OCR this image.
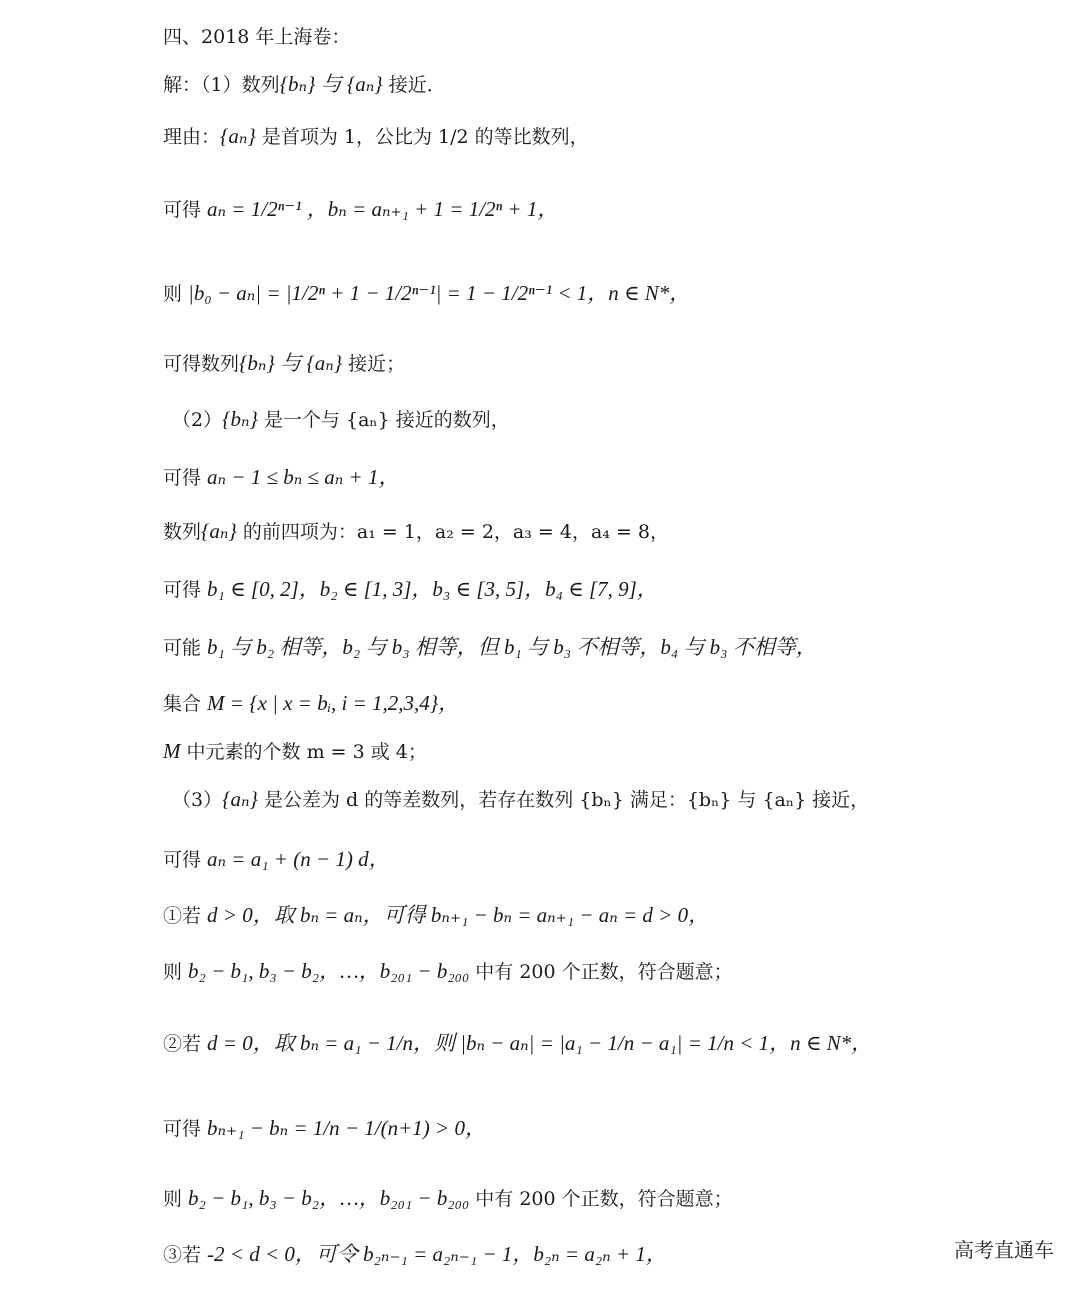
四、2018 年上海卷：
解：（1）数列{bₙ} 与 {aₙ} 接近．
理由：{aₙ} 是首项为 1，公比为 1/2 的等比数列，
可得 aₙ = 1/2ⁿ⁻¹ ，bₙ = aₙ₊₁ + 1 = 1/2ⁿ + 1，
则 |b₀ − aₙ| = |1/2ⁿ + 1 − 1/2ⁿ⁻¹| = 1 − 1/2ⁿ⁻¹ < 1，n ∈ N*，
可得数列{bₙ} 与 {aₙ} 接近；
（2）{bₙ} 是一个与 {aₙ} 接近的数列，
可得 aₙ − 1 ≤ bₙ ≤ aₙ + 1，
数列{aₙ} 的前四项为：a₁ = 1，a₂ = 2，a₃ = 4，a₄ = 8，
可得 b₁ ∈ [0, 2]，b₂ ∈ [1, 3]，b₃ ∈ [3, 5]，b₄ ∈ [7, 9]，
可能 b₁ 与 b₂ 相等，b₂ 与 b₃ 相等，但 b₁ 与 b₃ 不相等，b₄ 与 b₃ 不相等，
集合 M = {x | x = bᵢ, i = 1,2,3,4}，
M 中元素的个数 m = 3 或 4；
（3）{aₙ} 是公差为 d 的等差数列，若存在数列 {bₙ} 满足：{bₙ} 与 {aₙ} 接近，
可得 aₙ = a₁ + (n − 1) d，
①若 d > 0，取 bₙ = aₙ，可得 bₙ₊₁ − bₙ = aₙ₊₁ − aₙ = d > 0，
则 b₂ − b₁, b₃ − b₂，…，b₂₀₁ − b₂₀₀ 中有 200 个正数，符合题意；
②若 d = 0，取 bₙ = a₁ − 1/n，则 |bₙ − aₙ| = |a₁ − 1/n − a₁| = 1/n < 1，n ∈ N*，
可得 bₙ₊₁ − bₙ = 1/n − 1/(n+1) > 0，
则 b₂ − b₁, b₃ − b₂，…，b₂₀₁ − b₂₀₀ 中有 200 个正数，符合题意；
③若 -2 < d < 0，可令 b₂ₙ₋₁ = a₂ₙ₋₁ − 1，b₂ₙ = a₂ₙ + 1，	高考直通车
